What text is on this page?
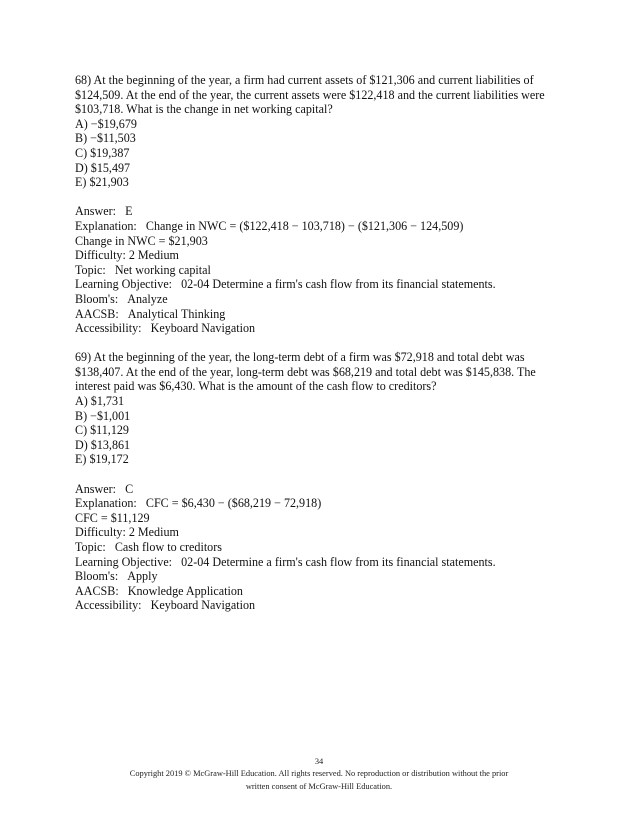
68) At the beginning of the year, a firm had current assets of $121,306 and current liabilities of
$124,509. At the end of the year, the current assets were $122,418 and the current liabilities were
$103,718. What is the change in net working capital?
A) −$19,679
B) −$11,503
C) $19,387
D) $15,497
E) $21,903
Answer: E
Explanation: Change in NWC = ($122,418 − 103,718) − ($121,306 − 124,509)
Change in NWC = $21,903
Difficulty: 2 Medium
Topic: Net working capital
Learning Objective: 02-04 Determine a firm's cash flow from its financial statements.
Bloom's: Analyze
AACSB: Analytical Thinking
Accessibility: Keyboard Navigation
69) At the beginning of the year, the long-term debt of a firm was $72,918 and total debt was
$138,407. At the end of the year, long-term debt was $68,219 and total debt was $145,838. The
interest paid was $6,430. What is the amount of the cash flow to creditors?
A) $1,731
B) −$1,001
C) $11,129
D) $13,861
E) $19,172
Answer: C
Explanation: CFC = $6,430 − ($68,219 − 72,918)
CFC = $11,129
Difficulty: 2 Medium
Topic: Cash flow to creditors
Learning Objective: 02-04 Determine a firm's cash flow from its financial statements.
Bloom's: Apply
AACSB: Knowledge Application
Accessibility: Keyboard Navigation
34
Copyright 2019 © McGraw-Hill Education. All rights reserved. No reproduction or distribution without the prior
written consent of McGraw-Hill Education.
